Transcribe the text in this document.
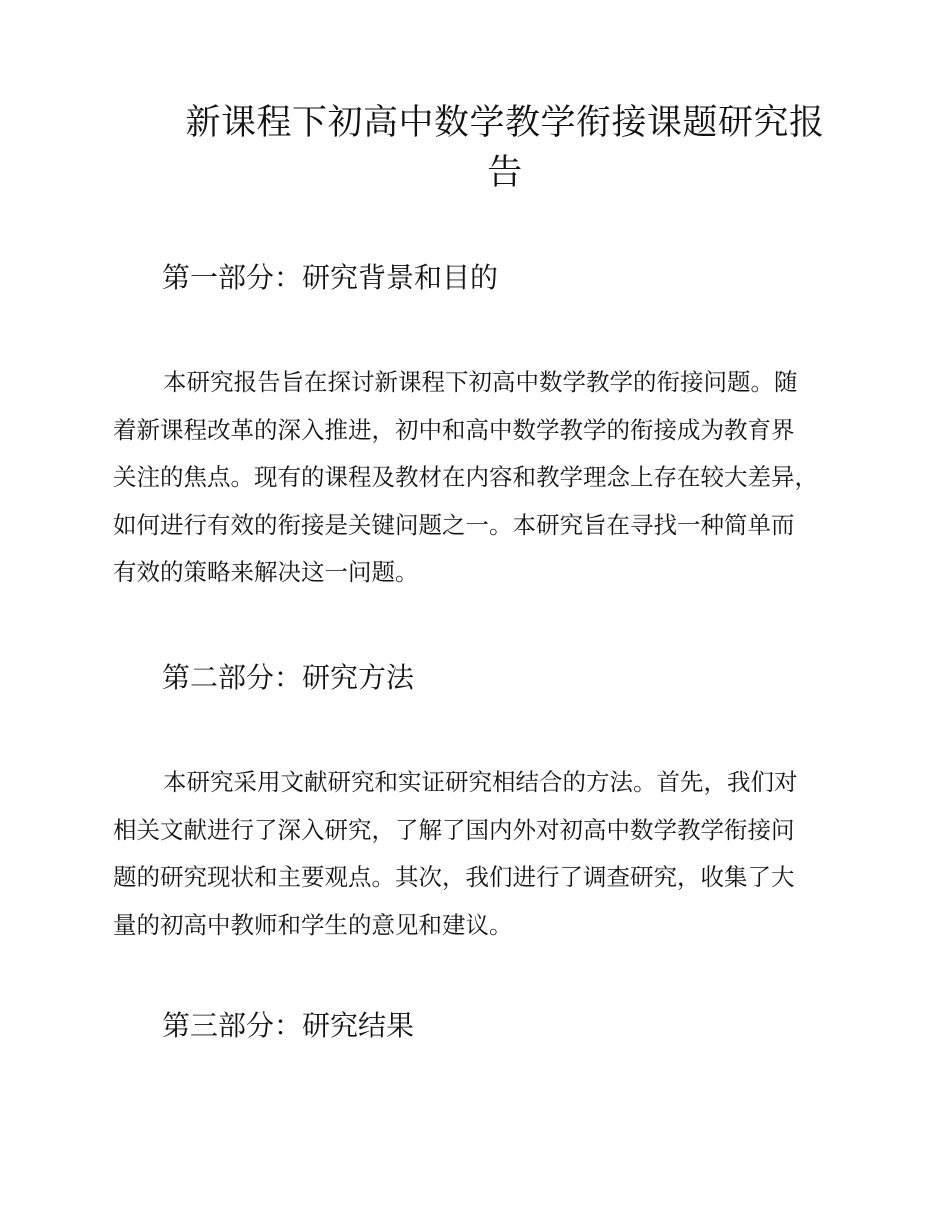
新课程下初高中数学教学衔接课题研究报
告
第一部分：研究背景和目的
本研究报告旨在探讨新课程下初高中数学教学的衔接问题。随
着新课程改革的深入推进，初中和高中数学教学的衔接成为教育界
关注的焦点。现有的课程及教材在内容和教学理念上存在较大差异，
如何进行有效的衔接是关键问题之一。本研究旨在寻找一种简单而
有效的策略来解决这一问题。
第二部分：研究方法
本研究采用文献研究和实证研究相结合的方法。首先，我们对
相关文献进行了深入研究，了解了国内外对初高中数学教学衔接问
题的研究现状和主要观点。其次，我们进行了调查研究，收集了大
量的初高中教师和学生的意见和建议。
第三部分：研究结果
